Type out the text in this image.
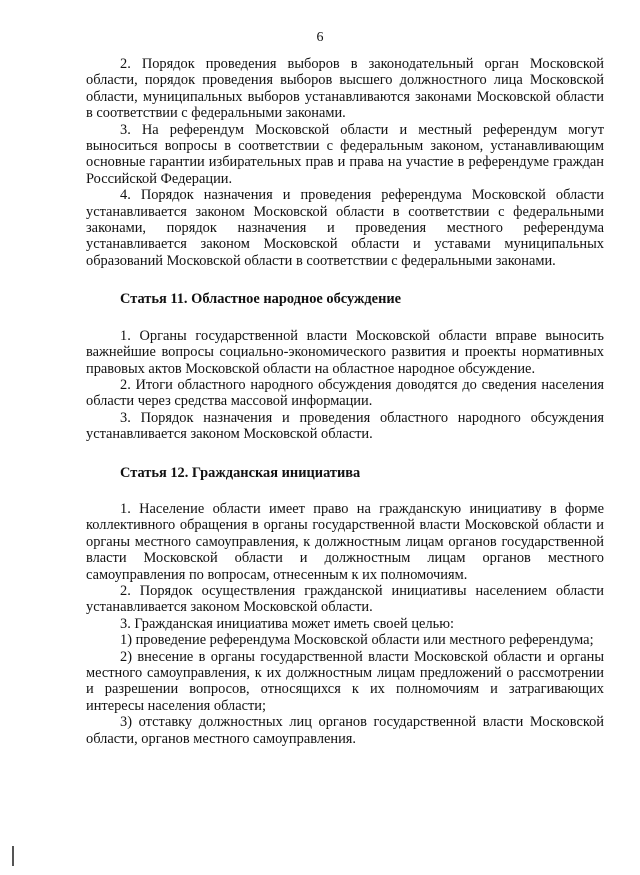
6

2. Порядок проведения выборов в законодательный орган Московской области, порядок проведения выборов высшего должностного лица Московской области, муниципальных выборов устанавливаются законами Московской области в соответствии с федеральными законами.

3. На референдум Московской области и местный референдум могут выноситься вопросы в соответствии с федеральным законом, устанавливающим основные гарантии избирательных прав и права на участие в референдуме граждан Российской Федерации.

4. Порядок назначения и проведения референдума Московской области устанавливается законом Московской области в соответствии с федеральными законами, порядок назначения и проведения местного референдума устанавливается законом Московской области и уставами муниципальных образований Московской области в соответствии с федеральными законами.

Статья 11. Областное народное обсуждение

1. Органы государственной власти Московской области вправе выносить важнейшие вопросы социально-экономического развития и проекты нормативных правовых актов Московской области на областное народное обсуждение.

2. Итоги областного народного обсуждения доводятся до сведения населения области через средства массовой информации.

3. Порядок назначения и проведения областного народного обсуждения устанавливается законом Московской области.

Статья 12. Гражданская инициатива

1. Население области имеет право на гражданскую инициативу в форме коллективного обращения в органы государственной власти Московской области и органы местного самоуправления, к должностным лицам органов государственной власти Московской области и должностным лицам органов местного самоуправления по вопросам, отнесенным к их полномочиям.

2. Порядок осуществления гражданской инициативы населением области устанавливается законом Московской области.

3. Гражданская инициатива может иметь своей целью:

1) проведение референдума Московской области или местного референдума;

2) внесение в органы государственной власти Московской области и органы местного самоуправления, к их должностным лицам предложений о рассмотрении и разрешении вопросов, относящихся к их полномочиям и затрагивающих интересы населения области;

3) отставку должностных лиц органов государственной власти Московской области, органов местного самоуправления.
